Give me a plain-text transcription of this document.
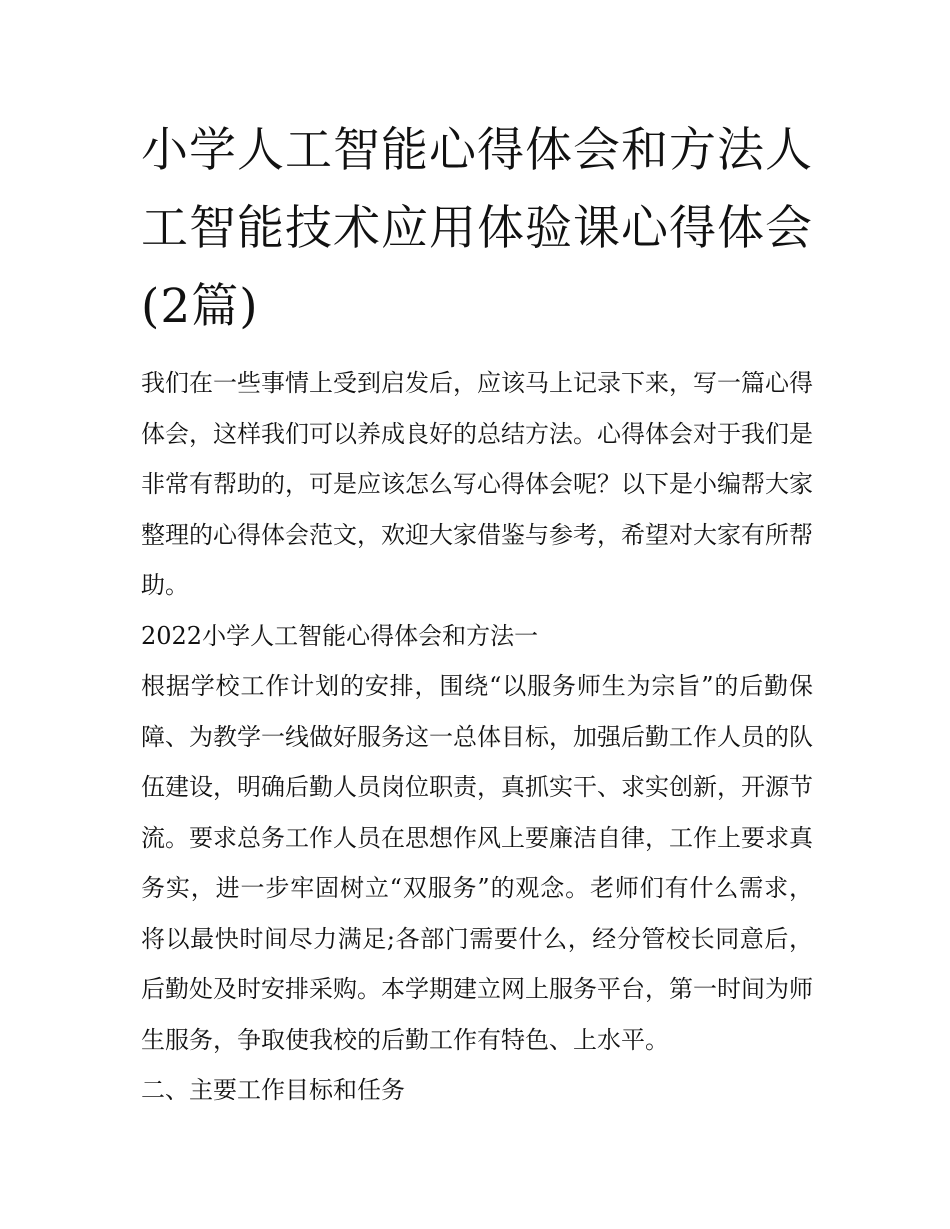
小学人工智能心得体会和方法人工智能技术应用体验课心得体会(2篇)

我们在一些事情上受到启发后，应该马上记录下来，写一篇心得体会，这样我们可以养成良好的总结方法。心得体会对于我们是非常有帮助的，可是应该怎么写心得体会呢？以下是小编帮大家整理的心得体会范文，欢迎大家借鉴与参考，希望对大家有所帮助。

2022小学人工智能心得体会和方法一

根据学校工作计划的安排，围绕“以服务师生为宗旨”的后勤保障、为教学一线做好服务这一总体目标，加强后勤工作人员的队伍建设，明确后勤人员岗位职责，真抓实干、求实创新，开源节流。要求总务工作人员在思想作风上要廉洁自律，工作上要求真务实，进一步牢固树立“双服务”的观念。老师们有什么需求，将以最快时间尽力满足;各部门需要什么，经分管校长同意后，后勤处及时安排采购。本学期建立网上服务平台，第一时间为师生服务，争取使我校的后勤工作有特色、上水平。

二、主要工作目标和任务
